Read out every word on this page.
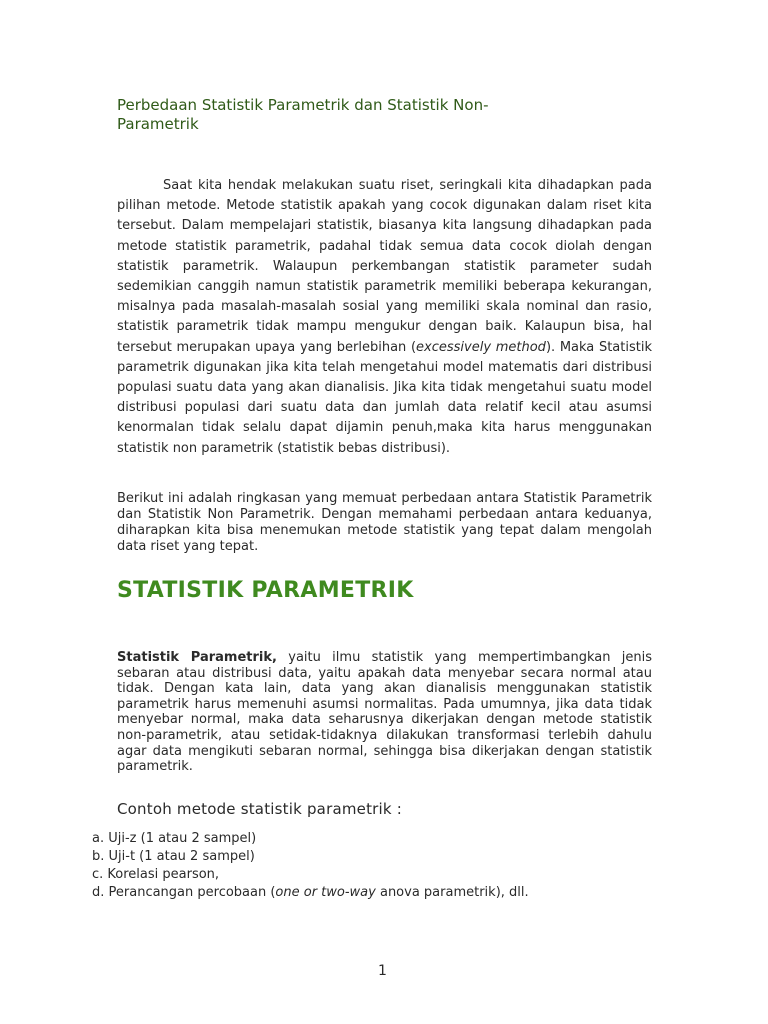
Perbedaan Statistik Parametrik dan Statistik Non-Parametrik

Saat kita hendak melakukan suatu riset, seringkali kita dihadapkan pada pilihan metode. Metode statistik apakah yang cocok digunakan dalam riset kita tersebut. Dalam mempelajari statistik, biasanya kita langsung dihadapkan pada metode statistik parametrik, padahal tidak semua data cocok diolah dengan statistik parametrik. Walaupun perkembangan statistik parameter sudah sedemikian canggih namun statistik parametrik memiliki beberapa kekurangan, misalnya pada masalah-masalah sosial yang memiliki skala nominal dan rasio, statistik parametrik tidak mampu mengukur dengan baik. Kalaupun bisa, hal tersebut merupakan upaya yang berlebihan (excessively method). Maka Statistik parametrik digunakan jika kita telah mengetahui model matematis dari distribusi populasi suatu data yang akan dianalisis. Jika kita tidak mengetahui suatu model distribusi populasi dari suatu data dan jumlah data relatif kecil atau asumsi kenormalan tidak selalu dapat dijamin penuh,maka kita harus menggunakan statistik non parametrik (statistik bebas distribusi).

Berikut ini adalah ringkasan yang memuat perbedaan antara Statistik Parametrik dan Statistik Non Parametrik. Dengan memahami perbedaan antara keduanya, diharapkan kita bisa menemukan metode statistik yang tepat dalam mengolah data riset yang tepat.

STATISTIK PARAMETRIK

Statistik Parametrik, yaitu ilmu statistik yang mempertimbangkan jenis sebaran atau distribusi data, yaitu apakah data menyebar secara normal atau tidak. Dengan kata lain, data yang akan dianalisis menggunakan statistik parametrik harus memenuhi asumsi normalitas. Pada umumnya, jika data tidak menyebar normal, maka data seharusnya dikerjakan dengan metode statistik non-parametrik, atau setidak-tidaknya dilakukan transformasi terlebih dahulu agar data mengikuti sebaran normal, sehingga bisa dikerjakan dengan statistik parametrik.

Contoh metode statistik parametrik :
a. Uji-z (1 atau 2 sampel)
b. Uji-t (1 atau 2 sampel)
c. Korelasi pearson,
d. Perancangan percobaan (one or two-way anova parametrik), dll.
1
